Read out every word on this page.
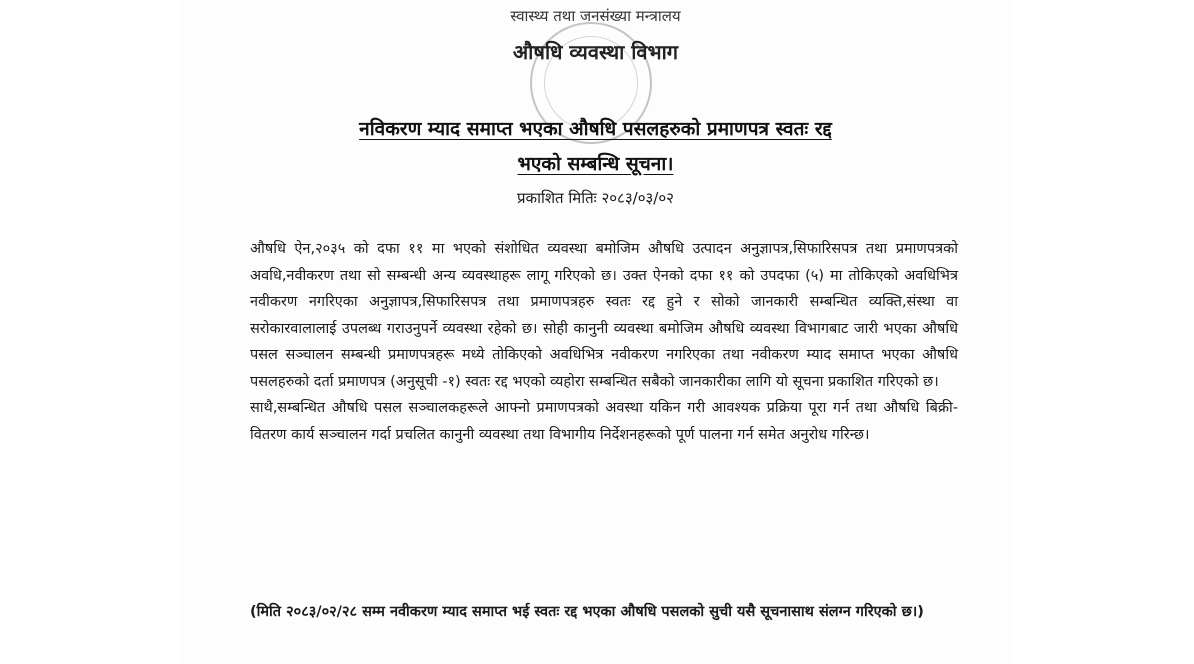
स्वास्थ्य तथा जनसंख्या मन्त्रालय
औषधि व्यवस्था विभाग
नविकरण म्याद समाप्त भएका औषधि पसलहरुको प्रमाणपत्र स्वतः रद्द
भएको सम्बन्धि सूचना।
प्रकाशित मितिः २०८३/०३/०२

औषधि ऐन,२०३५ को दफा ११ मा भएको संशोधित व्यवस्था बमोजिम औषधि उत्पादन अनुज्ञापत्र,सिफारिसपत्र तथा प्रमाणपत्रको अवधि,नवीकरण तथा सो सम्बन्धी अन्य व्यवस्थाहरू लागू गरिएको छ। उक्त ऐनको दफा ११ को उपदफा (५) मा तोकिएको अवधिभित्र नवीकरण नगरिएका अनुज्ञापत्र,सिफारिसपत्र तथा प्रमाणपत्रहरु स्वतः रद्द हुने र सोको जानकारी सम्बन्धित व्यक्ति,संस्था वा सरोकारवालालाई उपलब्ध गराउनुपर्ने व्यवस्था रहेको छ। सोही कानुनी व्यवस्था बमोजिम औषधि व्यवस्था विभागबाट जारी भएका औषधि पसल सञ्चालन सम्बन्धी प्रमाणपत्रहरू मध्ये तोकिएको अवधिभित्र नवीकरण नगरिएका तथा नवीकरण म्याद समाप्त भएका औषधि पसलहरुको दर्ता प्रमाणपत्र (अनुसूची -१) स्वतः रद्द भएको व्यहोरा सम्बन्धित सबैको जानकारीका लागि यो सूचना प्रकाशित गरिएको छ।

साथै,सम्बन्धित औषधि पसल सञ्चालकहरूले आफ्नो प्रमाणपत्रको अवस्था यकिन गरी आवश्यक प्रक्रिया पूरा गर्न तथा औषधि बिक्री-वितरण कार्य सञ्चालन गर्दा प्रचलित कानुनी व्यवस्था तथा विभागीय निर्देशनहरूको पूर्ण पालना गर्न समेत अनुरोध गरिन्छ।

(मिति २०८३/०२/२८ सम्म नवीकरण म्याद समाप्त भई स्वतः रद्द भएका औषधि पसलको सुची यसै सूचनासाथ संलग्न गरिएको छ।)
